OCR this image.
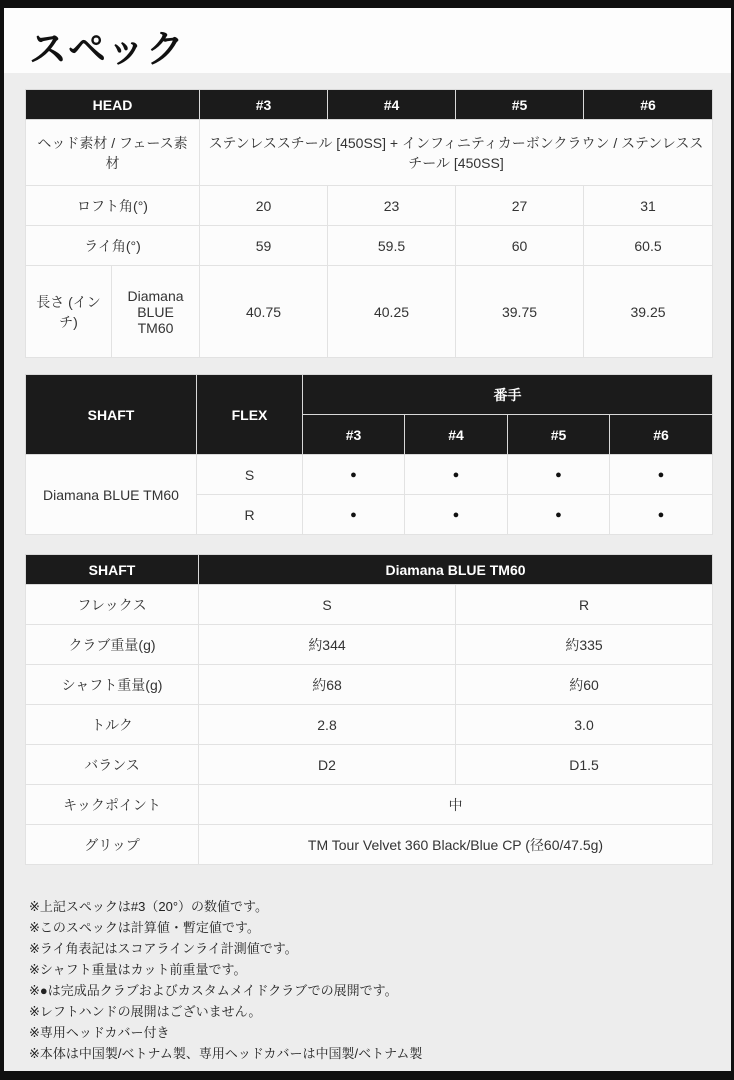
スペック
HEAD		#3	#4	#5	#6
ヘッド素材 / フェース素材		ステンレススチール [450SS] + インフィニティカーボンクラウン / ステンレススチール [450SS]			
ロフト角(°)		20	23	27	31
ライ角(°)		59	59.5	60	60.5
長さ (インチ)	Diamana BLUE TM60	40.75	40.25	39.75	39.25
SHAFT	FLEX	番手			
		#3	#4	#5	#6
Diamana BLUE TM60	S	●	●	●	●
	R	●	●	●	●
SHAFT	Diamana BLUE TM60	
フレックス	S	R
クラブ重量(g)	約344	約335
シャフト重量(g)	約68	約60
トルク	2.8	3.0
バランス	D2	D1.5
キックポイント	中	
グリップ	TM Tour Velvet 360 Black/Blue CP (径60/47.5g)	

※上記スペックは#3（20°）の数値です。

※このスペックは計算値・暫定値です。

※ライ角表記はスコアラインライ計測値です。

※シャフト重量はカット前重量です。

※●は完成品クラブおよびカスタムメイドクラブでの展開です。

※レフトハンドの展開はございません。

※専用ヘッドカバー付き

※本体は中国製/ベトナム製、専用ヘッドカバーは中国製/ベトナム製
